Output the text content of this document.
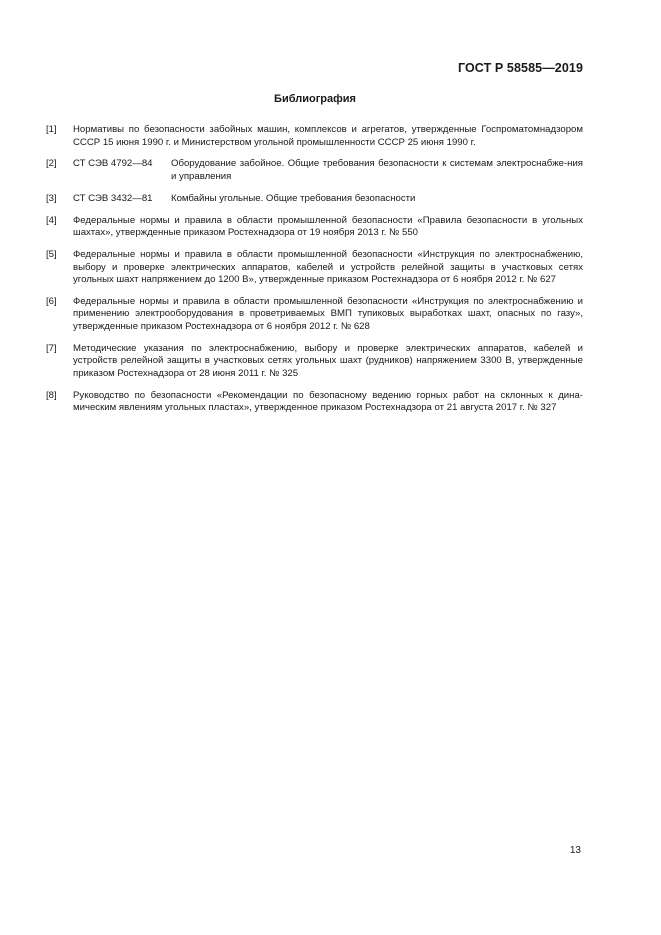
ГОСТ Р 58585—2019
Библиография
[1]	Нормативы по безопасности забойных машин, комплексов и агрегатов, утвержденные Госпроматомнадзором СССР 15 июня 1990 г. и Министерством угольной промышленности СССР 25 июня 1990 г.
[2]	СТ СЭВ 4792—84	Оборудование забойное. Общие требования безопасности к системам электроснабже-ния и управления
[3]	СТ СЭВ 3432—81	Комбайны угольные. Общие требования безопасности
[4]	Федеральные нормы и правила в области промышленной безопасности «Правила безопасности в угольных шахтах», утвержденные приказом Ростехнадзора от 19 ноября 2013 г. № 550
[5]	Федеральные нормы и правила в области промышленной безопасности «Инструкция по электроснабжению, выбору и проверке электрических аппаратов, кабелей и устройств релейной защиты в участковых сетях угольных шахт напряжением до 1200 В», утвержденные приказом Ростехнадзора от 6 ноября 2012 г. № 627
[6]	Федеральные нормы и правила в области промышленной безопасности «Инструкция по электроснабжению и применению электрооборудования в проветриваемых ВМП тупиковых выработках шахт, опасных по газу», утвержденные приказом Ростехнадзора от 6 ноября 2012 г. № 628
[7]	Методические указания по электроснабжению, выбору и проверке электрических аппаратов, кабелей и устройств релейной защиты в участковых сетях угольных шахт (рудников) напряжением 3300 В, утвержденные приказом Ростехнадзора от 28 июня 2011 г. № 325
[8]	Руководство по безопасности «Рекомендации по безопасному ведению горных работ на склонных к дина-мическим явлениям угольных пластах», утвержденное приказом Ростехнадзора от 21 августа 2017 г. № 327
13
